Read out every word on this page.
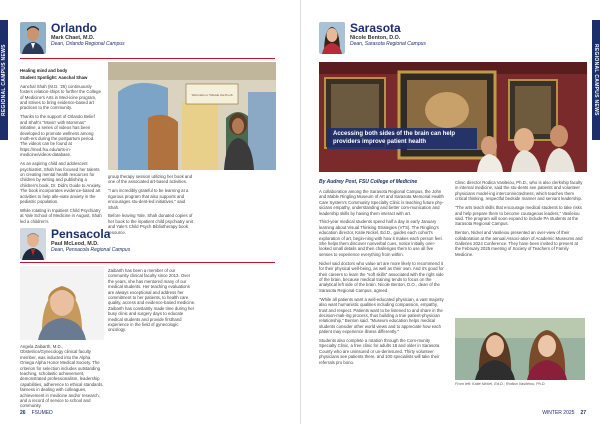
REGIONAL CAMPUS NEWS
Orlando
Mark Chaet, M.D.
Dean, Orlando Regional Campus

Healing mind and body

Student Spotlight: Aanchal Shaw

Aanchal Shah (M.D. '25) continuously fosters relation-ships to further the College of Medicine's Arts in Med-icine program, and strives to bring evidence-based art practices to the community.

Thanks to the support of Orlando Belief and Shah's "Movin' with Mommas" initiative, a series of videos has been developed to promote wellness among moth-ers during the postpartum period. The videos can be found at https://med.fsu.edu/arts-in-medicine/videos-database.

As an aspiring child and adolescent psychiatrist, Shah has focused her talents on creating mental health resources for children by writing and publishing a children's book, Dr. Didi's Guide to Anxiety. The book incorporates evidence-based art activities to help alle-viate anxiety in the pediatric population.

While rotating in Inpatient Child Psychiatry at Yale School of Medicine in August, Shah led a children's

Welcome to Winnie the Pooh

group therapy session utilizing her book and one of the associated art-based activities.

"I am incredibly grateful to be learning at a rigorous program that also supports and encourages stu-dent-led initiatives," said Shah.

Before leaving Yale, Shah donated copies of her book to the inpatient child psychiatry unit and Yale's Child Psych Bibliotherapy book resource.

Pensacola
Paul McLeod, M.D.
Dean, Pensacola Regional Campus

Angela Zaibarth, M.D., Obstetrics/Gynecology clinical faculty member, was inducted into the Alpha Omega Alpha Honor Medical Society. The criterion for selection includes outstanding teaching, scholastic achievement, demonstrated professionalism, leadership capabilities, adherence to ethical standards, fairness in dealing with colleagues, achievement in medicine and/or research, and a record of service to school and community.

Zaibarth has been a member of our community clinical faculty since 2013. Over the years, she has mentored many of our medical students. Her teaching evaluations are always exceptional and address her commitment to her patients, to health care quality, access and evidence-based medicine. Zaibarth has constantly made time during her busy clinic and surgery days to educate medical students and provide firsthand experience in the field of gynecologic oncology.

26 FSUMED
REGIONAL CAMPUS NEWS
Sarasota
Nicole Benton, D.O.
Dean, Sarasota Regional Campus
Accessing both sides of the brain can help providers improve patient health

By Audrey Post, FSU College of Medicine

A collaboration among the Sarasota Regional Campus, the John and Mable Ringling Museum of Art and Sarasota Memorial Health Care System's Community Specialty Clinic is teaching future phy-sicians empathy, understanding and better com-munication and leadership skills by having them interact with art.

Third-year medical students spend half a day in early January learning about Visual Thinking Strategies (VTS). The Ringling's education director, Katie Nickel, Ed.D., guides each cohort's exploration of art, begin-ning with how it makes each person feel. She helps them discover nonverbal cues, notice initially over-looked small details and then challenges them to use all five senses to experience everything from within.

Nickel said doctors who value art are more likely to recommend it for their physical well-being, as well as their own. And it's good for their careers to learn the "soft skills" associated with the right side of the brain, because medical training tends to focus on the analytical left side of the brain. Nicole Benton, D.O., dean of the Sarasota Regional Campus, agreed.

"While all patients want a well-educated physician, a vast majority also want humanistic qualities including compassion, empathy, trust and respect. Patients want to be listened to and share in the decision-mak-ing process, thus building a true patient-physician relationship," Benton said. "Museum education helps medical students consider other world views and to appreciate how each patient may experience illness differently."

Students also complete a rotation through the Com-munity Specialty Clinic, a free clinic for adults 18 and older in Sarasota County who are uninsured or un-derinsured. Thirty volunteer physicians see patients there, and 100 specialists will take their referrals pro bono.

Clinic director Rodica Vasileiou, Ph.D., who is also clerkship faculty in internal medicine, said the stu-dents see patients and volunteer physicians model-ing interconnectedness, which teaches them critical thinking, respectful bedside manner and servant leadership.

"The arts teach skills that encourage medical students to take risks and help prepare them to become courageous leaders," Vasileiou said. The program will soon expand to include PA students at the Sarasota Regional Campus.

Benton, Nickel and Vasileiou presented an over-view of their collaboration at the annual Associ-ation of Academic Museums and Galleries 2024 Conference. They have been invited to present at the February 2025 meeting of Society of Teachers of Family Medicine.

From left: Katie Nickel, Ed.D.; Rodica Vasileiou, Ph.D.
WINTER 2025 27
